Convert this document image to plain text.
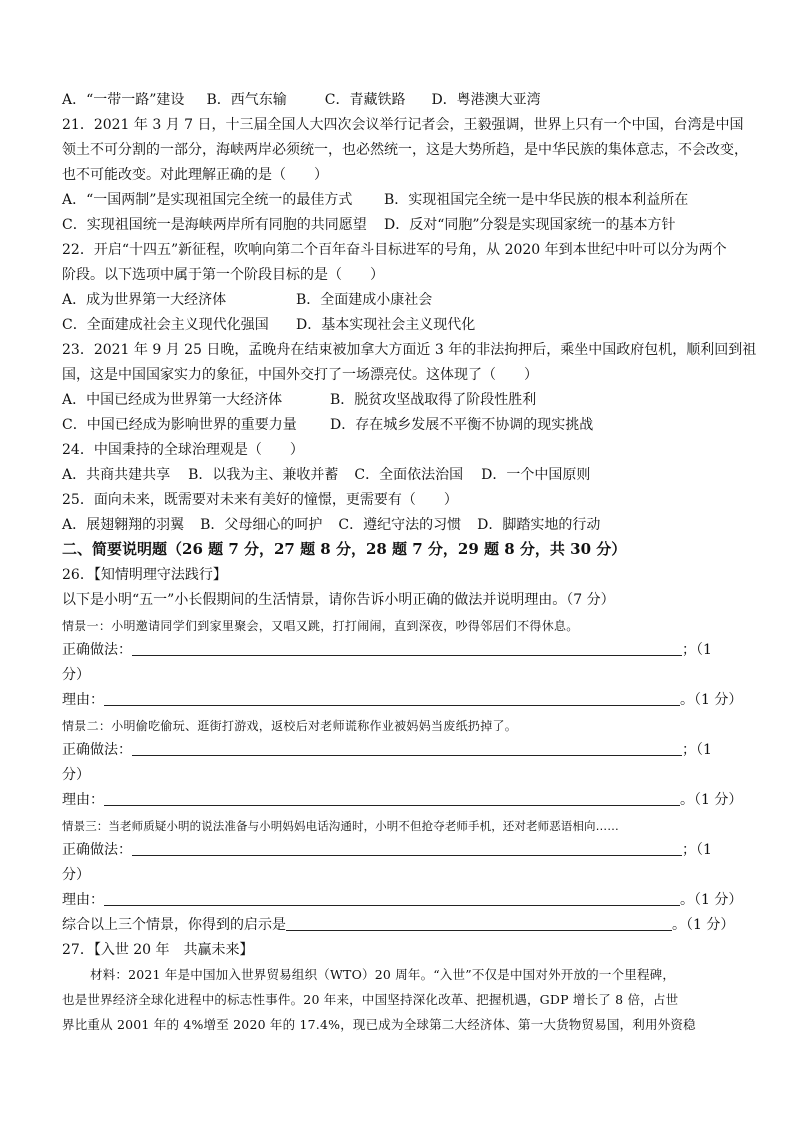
A．“一带一路”建设 B．西气东输	C．青藏铁路 D．粤港澳大亚湾
21．2021 年 3 月 7 日，十三届全国人大四次会议举行记者会，王毅强调，世界上只有一个中国，台湾是中国
领土不可分割的一部分，海峡两岸必须统一，也必然统一，这是大势所趋，是中华民族的集体意志，不会改变，
也不可能改变。对此理解正确的是（　　）
A．“一国两制”是实现祖国完全统一的最佳方式 B．实现祖国完全统一是中华民族的根本利益所在
C．实现祖国统一是海峡两岸所有同胞的共同愿望 D．反对“同胞”分裂是实现国家统一的基本方针
22．开启“十四五”新征程，吹响向第二个百年奋斗目标进军的号角，从 2020 年到本世纪中叶可以分为两个
阶段。以下选项中属于第一个阶段目标的是（　　）
A．成为世界第一大经济体	B．全面建成小康社会
C．全面建成社会主义现代化强国 D．基本实现社会主义现代化
23．2021 年 9 月 25 日晚，孟晚舟在结束被加拿大方面近 3 年的非法拘押后，乘坐中国政府包机，顺利回到祖
国，这是中国国家实力的象征，中国外交打了一场漂亮仗。这体现了（　　）
A．中国已经成为世界第一大经济体	B．脱贫攻坚战取得了阶段性胜利
C．中国已经成为影响世界的重要力量 D．存在城乡发展不平衡不协调的现实挑战
24．中国秉持的全球治理观是（　　）
A．共商共建共享 B．以我为主、兼收并蓄 C．全面依法治国 D．一个中国原则
25．面向未来，既需要对未来有美好的憧憬，更需要有（　　）
A．展翅翱翔的羽翼 B．父母细心的呵护 C．遵纪守法的习惯 D．脚踏实地的行动
二、简要说明题（26 题 7 分，27 题 8 分，28 题 7 分，29 题 8 分，共 30 分）
26．【知情明理守法践行】
以下是小明“五一”小长假期间的生活情景，请你告诉小明正确的做法并说明理由。（7 分）
情景一：小明邀请同学们到家里聚会，又唱又跳，打打闹闹，直到深夜，吵得邻居们不得休息。
正确做法：	；（1
分）
理由：	。（1 分）
情景二：小明偷吃偷玩、逛街打游戏，返校后对老师谎称作业被妈妈当废纸扔掉了。
正确做法：	；（1
分）
理由：	。（1 分）
情景三：当老师质疑小明的说法准备与小明妈妈电话沟通时，小明不但抢夺老师手机，还对老师恶语相向……
正确做法：	；（1
分）
理由：	。（1 分）
综合以上三个情景，你得到的启示是	。（1 分）
27．【入世 20 年　共赢未来】
材料：2021 年是中国加入世界贸易组织（WTO）20 周年。“入世”不仅是中国对外开放的一个里程碑，
也是世界经济全球化进程中的标志性事件。20 年来，中国坚持深化改革、把握机遇，GDP 增长了 8 倍，占世
界比重从 2001 年的 4%增至 2020 年的 17.4%，现已成为全球第二大经济体、第一大货物贸易国，利用外资稳
